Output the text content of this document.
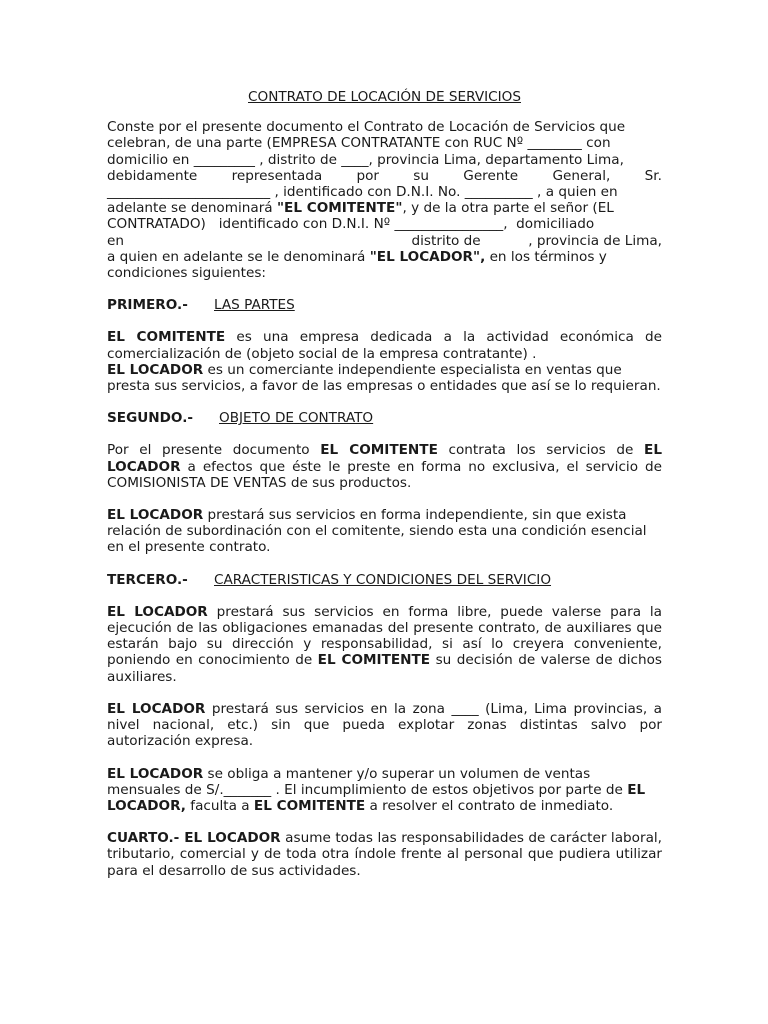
CONTRATO DE LOCACIÓN DE SERVICIOS

Conste por el presente documento el Contrato de Locación de Servicios que
celebran, de una parte (EMPRESA CONTRATANTE con RUC Nº ________ con
domicilio en _________ , distrito de ____, provincia Lima, departamento Lima,
debidamente	representada	por	su	Gerente	General,	Sr.
________________________ , identificado con D.N.I. No. __________ , a quien en
adelante se denominará "EL COMITENTE", y de la otra parte el señor (EL
CONTRATADO)   identificado con D.N.I. Nº ________________,  domiciliado
en	distrito de           , provincia de Lima,
a quien en adelante se le denominará "EL LOCADOR", en los términos y
condiciones siguientes:

PRIMERO.- LAS PARTES

EL COMITENTE es una empresa dedicada a la actividad económica de comercialización de (objeto social de la empresa contratante) .

EL LOCADOR es un comerciante independiente especialista en ventas que presta sus servicios, a favor de las empresas o entidades que así se lo requieran.

SEGUNDO.- OBJETO DE CONTRATO

Por el presente documento EL COMITENTE contrata los servicios de EL LOCADOR a efectos que éste le preste en forma no exclusiva, el servicio de COMISIONISTA DE VENTAS de sus productos.

EL LOCADOR prestará sus servicios en forma independiente, sin que exista relación de subordinación con el comitente, siendo esta una condición esencial en el presente contrato.

TERCERO.- CARACTERISTICAS Y CONDICIONES DEL SERVICIO

EL LOCADOR prestará sus servicios en forma libre, puede valerse para la ejecución de las obligaciones emanadas del presente contrato, de auxiliares que estarán bajo su dirección y responsabilidad, si así lo creyera conveniente, poniendo en conocimiento de EL COMITENTE su decisión de valerse de dichos auxiliares.

EL LOCADOR prestará sus servicios en la zona ____ (Lima, Lima provincias, a nivel nacional, etc.) sin que pueda explotar zonas distintas salvo por autorización expresa.

EL LOCADOR se obliga a mantener y/o superar un volumen de ventas mensuales de S/._______ . El incumplimiento de estos objetivos por parte de EL LOCADOR, faculta a EL COMITENTE a resolver el contrato de inmediato.

CUARTO.- EL LOCADOR asume todas las responsabilidades de carácter laboral, tributario, comercial y de toda otra índole frente al personal que pudiera utilizar para el desarrollo de sus actividades.
